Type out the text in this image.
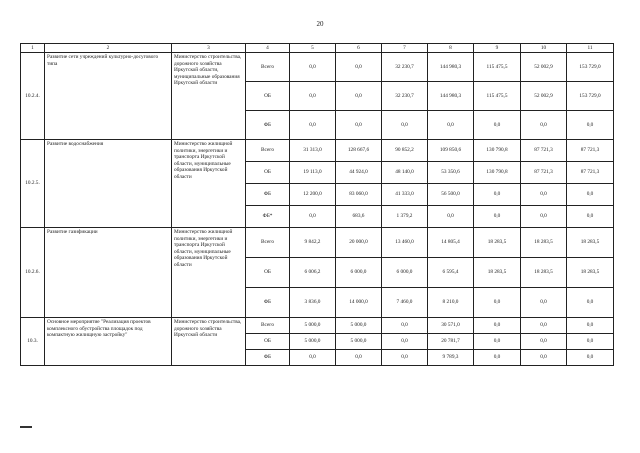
20
1	2	3	4	5	6	7	8	9	10	11
10.2.4.	Развитие сети учреждений культурно-досугового типа	Министерство строительства, дорожного хозяйства Иркутской области, муниципальные образования Иркутской области	Всего	0,0	0,0	32 230,7	144 980,3	115 475,5	52 002,9	153 729,0
			ОБ	0,0	0,0	32 230,7	144 980,3	115 475,5	52 002,9	153 729,0
			ФБ	0,0	0,0	0,0	0,0	0,0	0,0	0,0
10.2.5.	Развитие водоснабжения	Министерство жилищной политики, энергетики и транспорта Иркутской области, муниципальные образования Иркутской области	Всего	31 313,0	128 667,6	90 852,2	109 850,6	130 790,8	87 721,3	87 721,3
			ОБ	19 113,0	44 924,0	48 140,0	53 350,6	130 790,8	87 721,3	87 721,3
			ФБ	12 200,0	83 060,0	41 333,0	56 500,0	0,0	0,0	0,0
			ФБ*	0,0	683,6	1 379,2	0,0	0,0	0,0	0,0
10.2.6.	Развитие газификации	Министерство жилищной политики, энергетики и транспорта Иркутской области, муниципальные образования Иркутской области	Всего	9 842,2	20 000,0	13 460,0	14 805,4	18 283,5	18 283,5	18 283,5
			ОБ	6 006,2	6 000,0	6 000,0	6 595,4	18 283,5	18 283,5	18 283,5
			ФБ	3 836,0	14 000,0	7 460,0	8 210,0	0,0	0,0	0,0
10.3.	Основное мероприятие "Реализация проектов комплексного обустройства площадок под компактную жилищную застройку"	Министерство строительства, дорожного хозяйства Иркутской области	Всего	5 000,0	5 000,0	0,0	30 571,0	0,0	0,0	0,0
			ОБ	5 000,0	5 000,0	0,0	20 781,7	0,0	0,0	0,0
			ФБ	0,0	0,0	0,0	9 789,3	0,0	0,0	0,0
